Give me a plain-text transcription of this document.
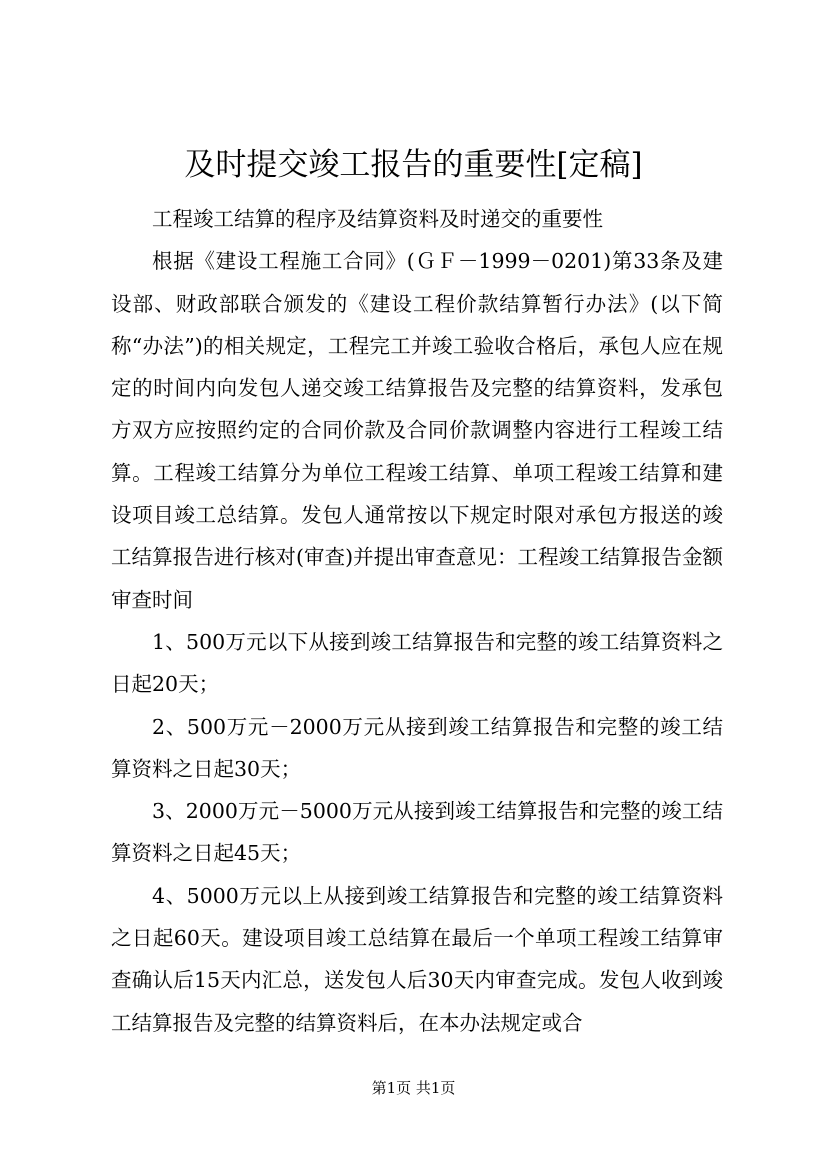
及时提交竣工报告的重要性[定稿]

工程竣工结算的程序及结算资料及时递交的重要性

根据《建设工程施工合同》(ＧＦ－1999－0201)第33条及建设部、财政部联合颁发的《建设工程价款结算暂行办法》(以下简称“办法”)的相关规定，工程完工并竣工验收合格后，承包人应在规定的时间内向发包人递交竣工结算报告及完整的结算资料，发承包方双方应按照约定的合同价款及合同价款调整内容进行工程竣工结算。工程竣工结算分为单位工程竣工结算、单项工程竣工结算和建设项目竣工总结算。发包人通常按以下规定时限对承包方报送的竣工结算报告进行核对(审查)并提出审查意见：工程竣工结算报告金额审查时间

1、500万元以下从接到竣工结算报告和完整的竣工结算资料之日起20天；

2、500万元－2000万元从接到竣工结算报告和完整的竣工结算资料之日起30天；

3、2000万元－5000万元从接到竣工结算报告和完整的竣工结算资料之日起45天；

4、5000万元以上从接到竣工结算报告和完整的竣工结算资料之日起60天。建设项目竣工总结算在最后一个单项工程竣工结算审查确认后15天内汇总，送发包人后30天内审查完成。发包人收到竣工结算报告及完整的结算资料后，在本办法规定或合

第1页 共1页
